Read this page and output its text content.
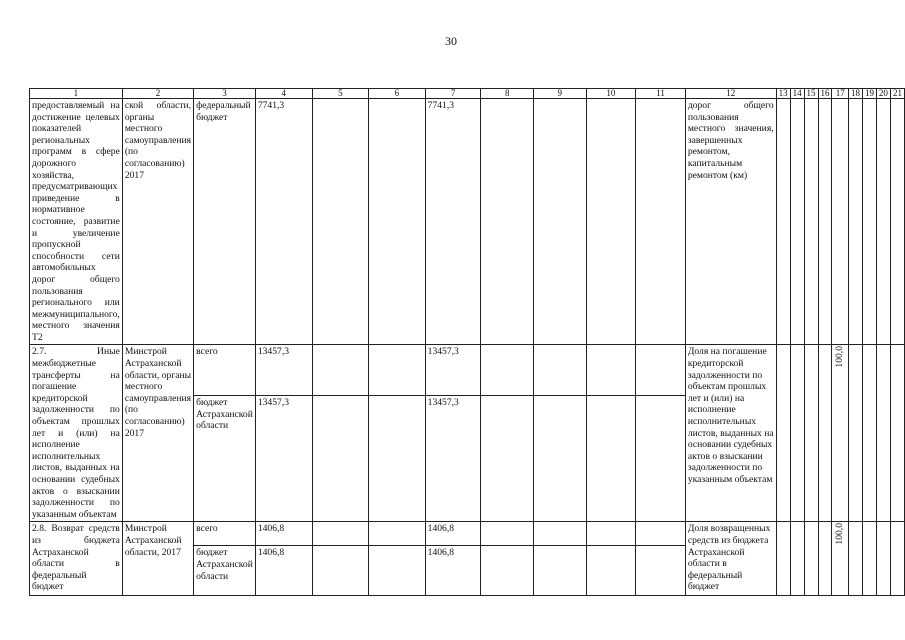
30
1	2	3	4	5	6	7	8	9	10	11	12	13	14	15	16	17	18	19	20	21
предоставляемый на достижение целевых показателей региональных программ в сфере дорожного хозяйства, предусматривающих приведение в нормативное состояние, развитие и увеличение пропускной способности сети автомобильных дорог общего пользования регионального или межмуниципального, местного значения Т2	ской области, органы местного самоуправления (по согласованию) 2017	федеральный бюджет	7741,3			7741,3					дорог общего пользования местного значения, завершенных ремонтом, капитальным ремонтом (км)									
2.7. Иные межбюджетные трансферты на погашение кредиторской задолженности по объектам прошлых лет и (или) на исполнение исполнительных листов, выданных на основании судебных актов о взыскании задолженности по указанным объектам	Минстрой Астраханской области, органы местного самоуправления (по согласованию) 2017	всего	13457,3			13457,3					Доля на погашение кредиторской задолженности по объектам прошлых лет и (или) на исполнение исполнительных листов, выданных на основании судебных актов о взыскании задолженности по указанным объектам					100,0				
		бюджет Астраханской области	13457,3			13457,3														
2.8. Возврат средств из бюджета Астраханской области в федеральный бюджет	Минстрой Астраханской области, 2017	всего	1406,8			1406,8					Доля возвращенных средств из бюджета Астраханской области в федеральный бюджет					100,0				
		бюджет Астраханской области	1406,8			1406,8														
